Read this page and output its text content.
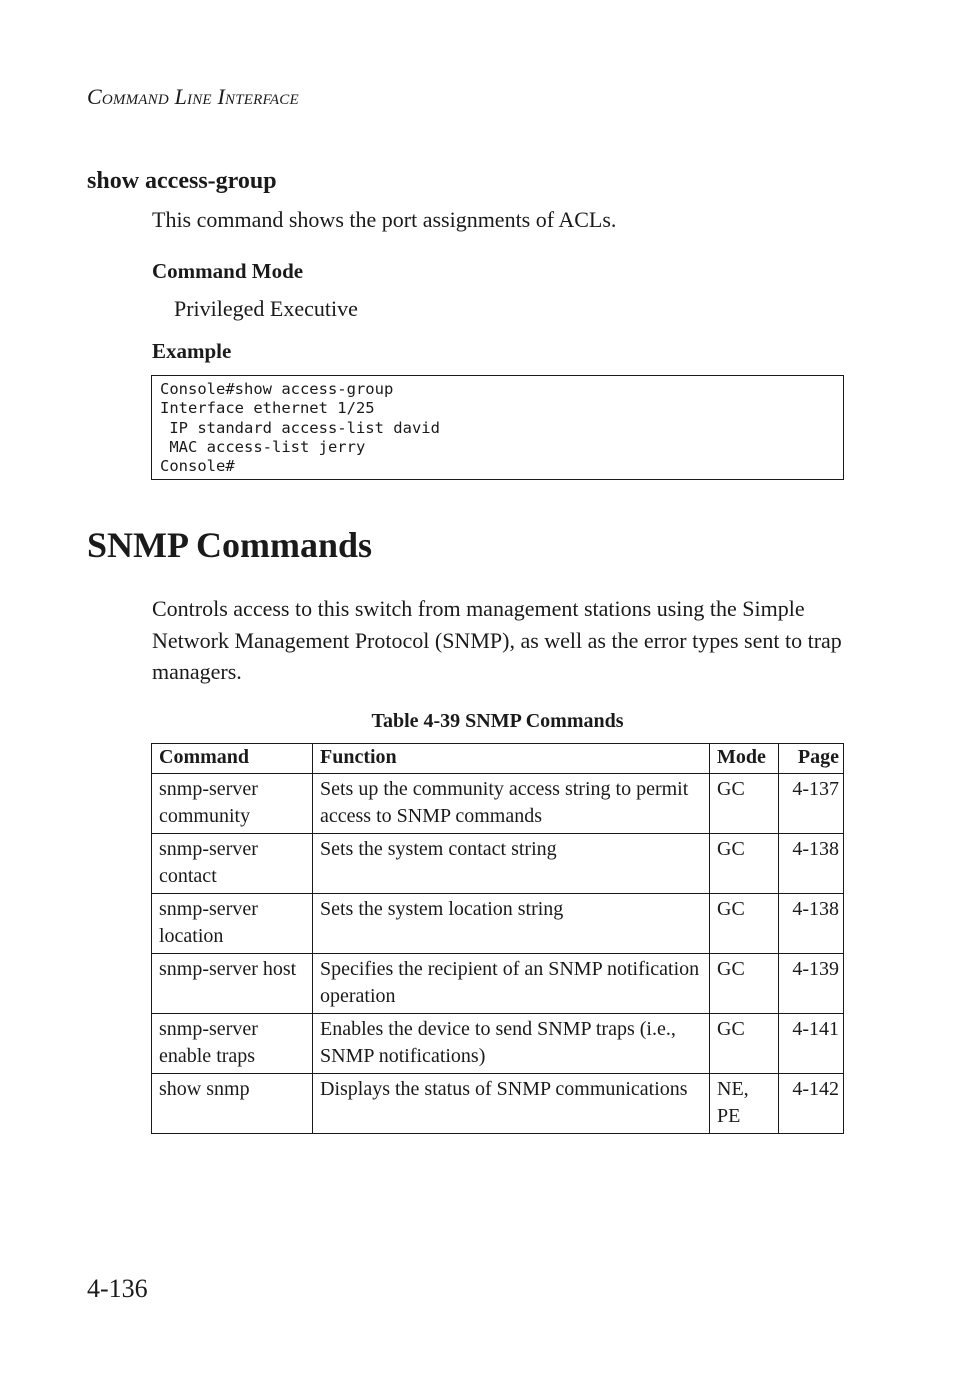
Command Line Interface
show access-group
This command shows the port assignments of ACLs.
Command Mode
Privileged Executive
Example
Console#show access-group
Interface ethernet 1/25
IP standard access-list david
MAC access-list jerry
Console#
SNMP Commands
Controls access to this switch from management stations using the Simple Network Management Protocol (SNMP), as well as the error types sent to trap managers.
Table 4-39 SNMP Commands
Command	Function	Mode	Page
snmp-server community	Sets up the community access string to permit access to SNMP commands	GC	4-137
snmp-server contact	Sets the system contact string	GC	4-138
snmp-server location	Sets the system location string	GC	4-138
snmp-server host	Specifies the recipient of an SNMP notification operation	GC	4-139
snmp-server enable traps	Enables the device to send SNMP traps (i.e., SNMP notifications)	GC	4-141
show snmp	Displays the status of SNMP communications	NE, PE	4-142
4-136
